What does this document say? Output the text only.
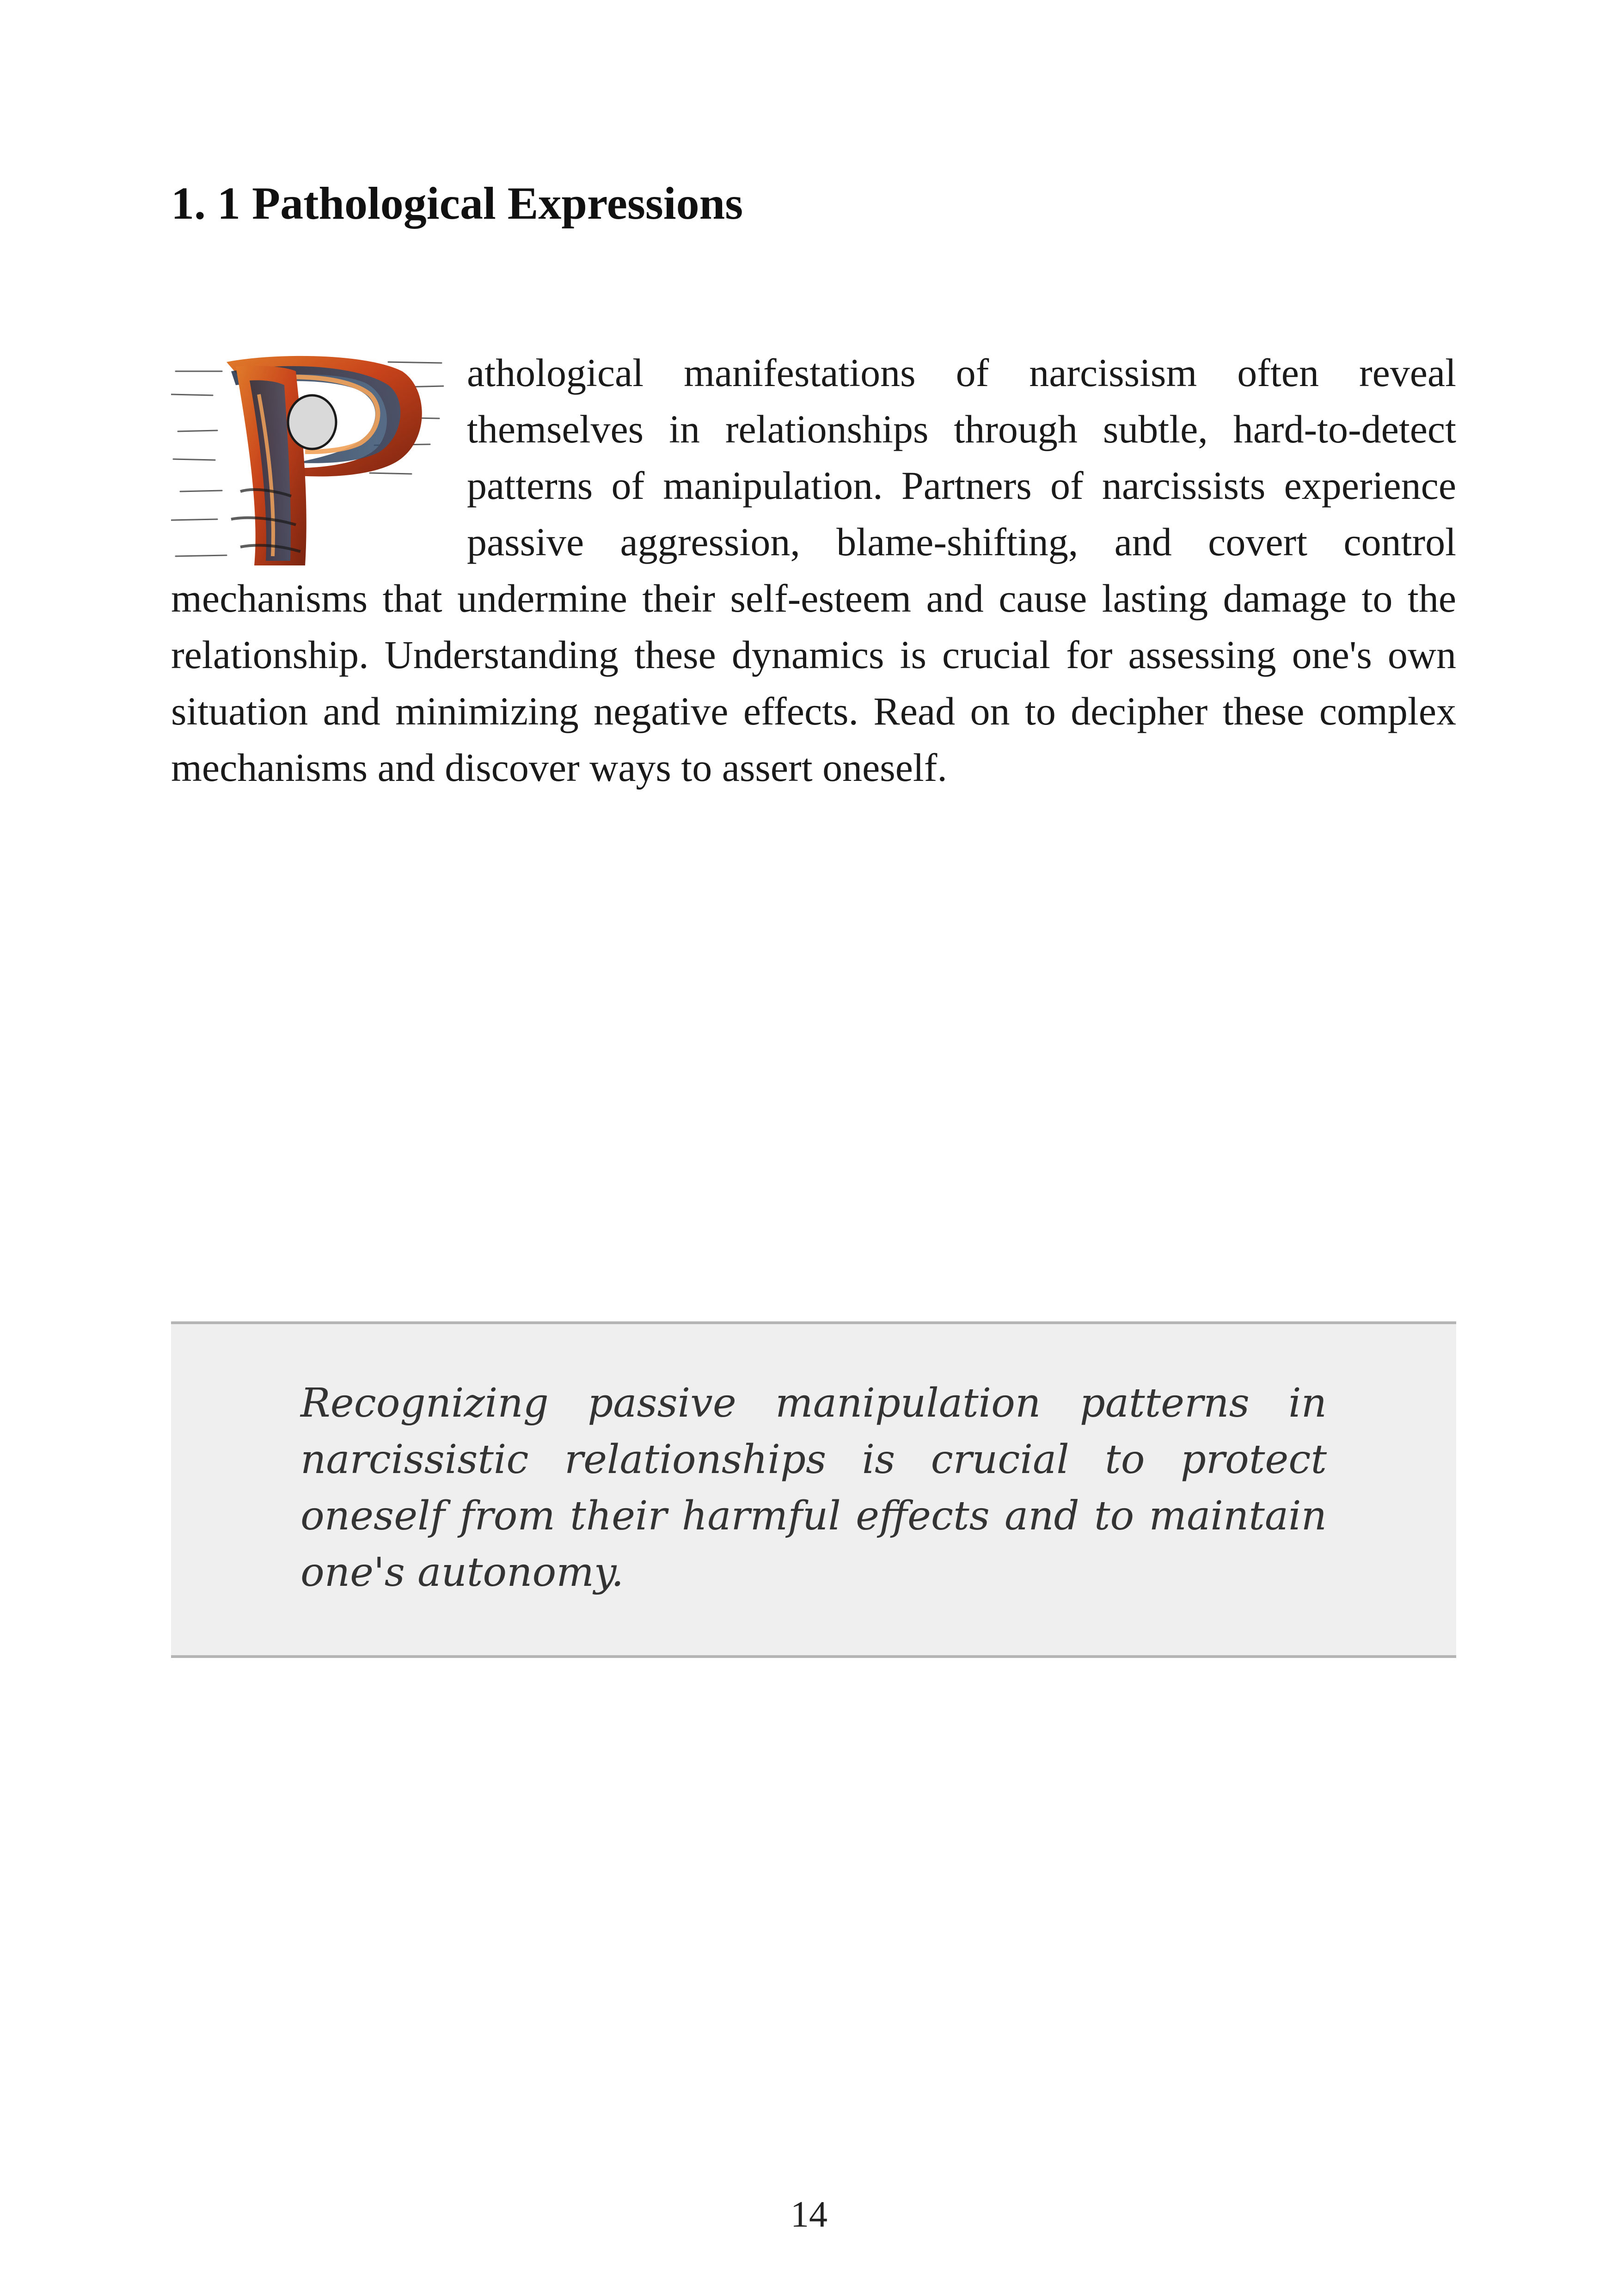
1. 1 Pathological Expressions

athological manifestations of narcissism often reveal themselves in relationships through subtle, hard-to-detect patterns of manipulation. Partners of narcissists experience passive aggression, blame-shifting, and covert control mechanisms that undermine their self-esteem and cause lasting damage to the relationship. Understanding these dynamics is crucial for assessing one's own situation and minimizing negative effects. Read on to decipher these complex mechanisms and discover ways to assert oneself.

Recognizing passive manipulation patterns in narcissistic relationships is crucial to protect oneself from their harmful effects and to maintain one's autonomy.

14
